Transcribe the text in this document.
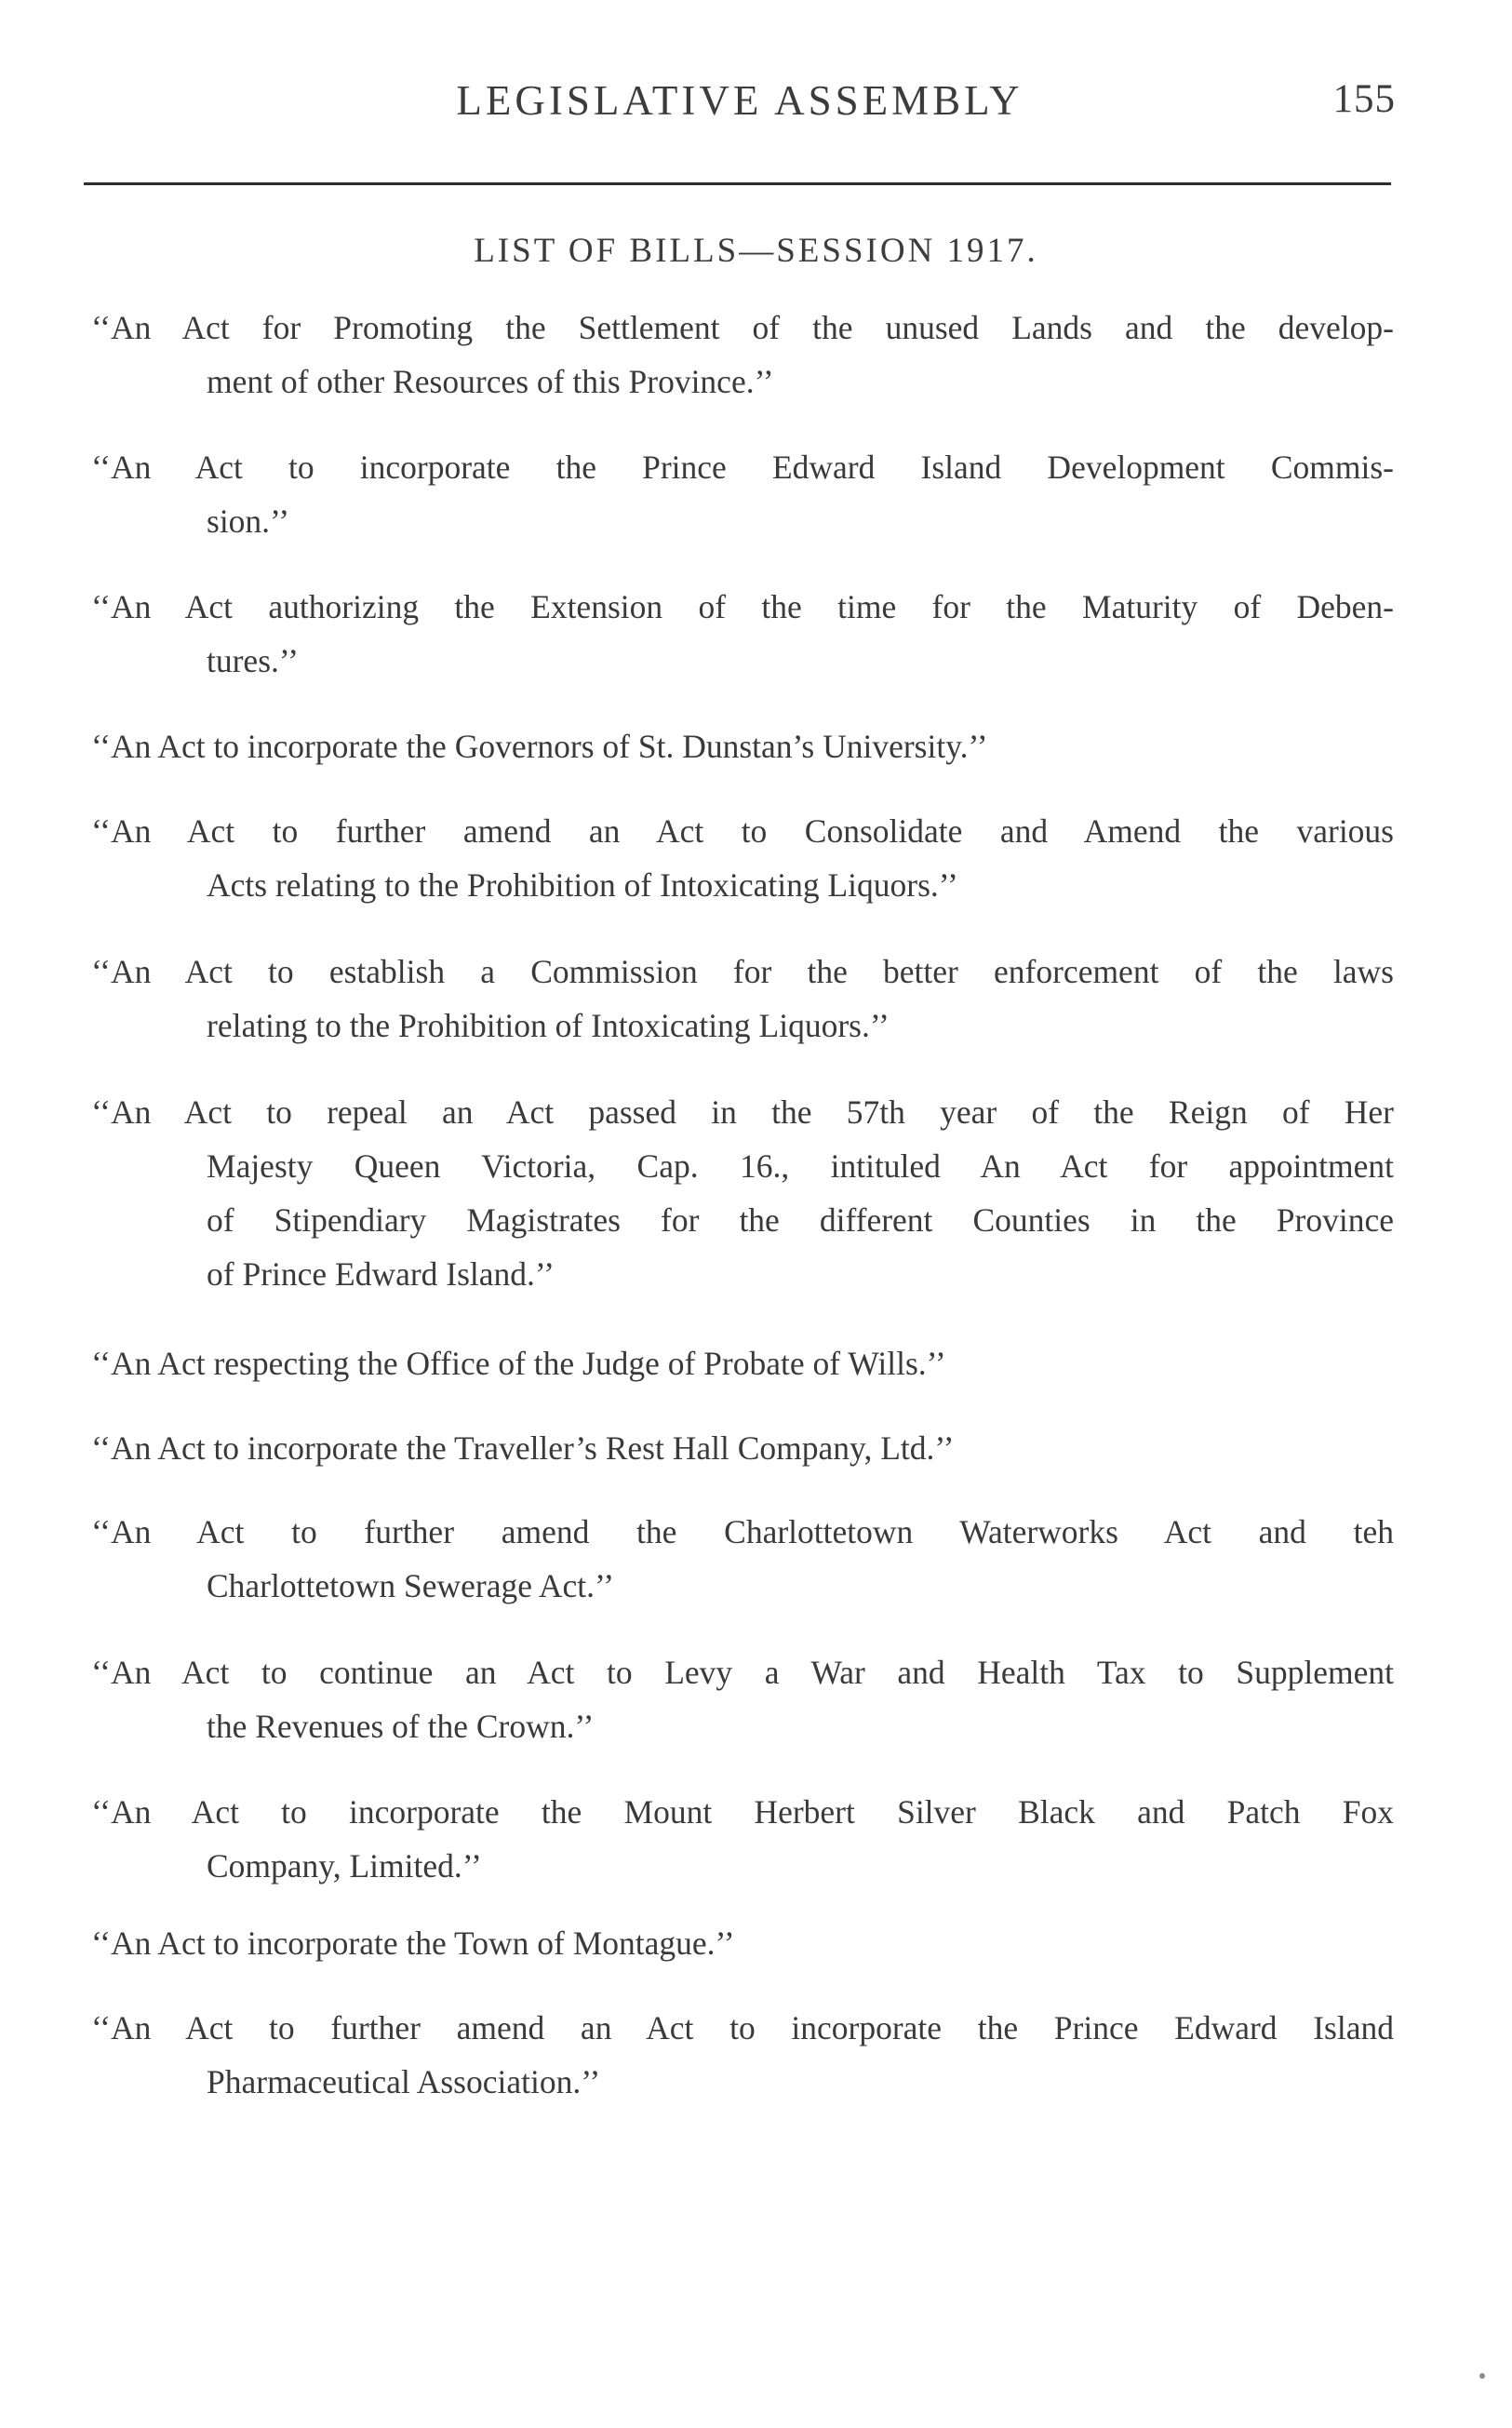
LEGISLATIVE ASSEMBLY	155
LIST OF BILLS—SESSION 1917.

‘‘An Act for Promoting the Settlement of the unused Lands and the develop-
ment of other Resources of this Province.’’

‘‘An Act to incorporate the Prince Edward Island Development Commis-
sion.’’

‘‘An Act authorizing the Extension of the time for the Maturity of Deben-
tures.’’

‘‘An Act to incorporate the Governors of St. Dunstan’s University.’’

‘‘An Act to further amend an Act to Consolidate and Amend the various
Acts relating to the Prohibition of Intoxicating Liquors.’’

‘‘An Act to establish a Commission for the better enforcement of the laws
relating to the Prohibition of Intoxicating Liquors.’’

‘‘An Act to repeal an Act passed in the 57th year of the Reign of Her
Majesty Queen Victoria, Cap. 16., intituled An Act for appointment
of Stipendiary Magistrates for the different Counties in the Province
of Prince Edward Island.’’

‘‘An Act respecting the Office of the Judge of Probate of Wills.’’

‘‘An Act to incorporate the Traveller’s Rest Hall Company, Ltd.’’

‘‘An Act to further amend the Charlottetown Waterworks Act and teh
Charlottetown Sewerage Act.’’

‘‘An Act to continue an Act to Levy a War and Health Tax to Supplement
the Revenues of the Crown.’’

‘‘An Act to incorporate the Mount Herbert Silver Black and Patch Fox
Company, Limited.’’

‘‘An Act to incorporate the Town of Montague.’’

‘‘An Act to further amend an Act to incorporate the Prince Edward Island
Pharmaceutical Association.’’
